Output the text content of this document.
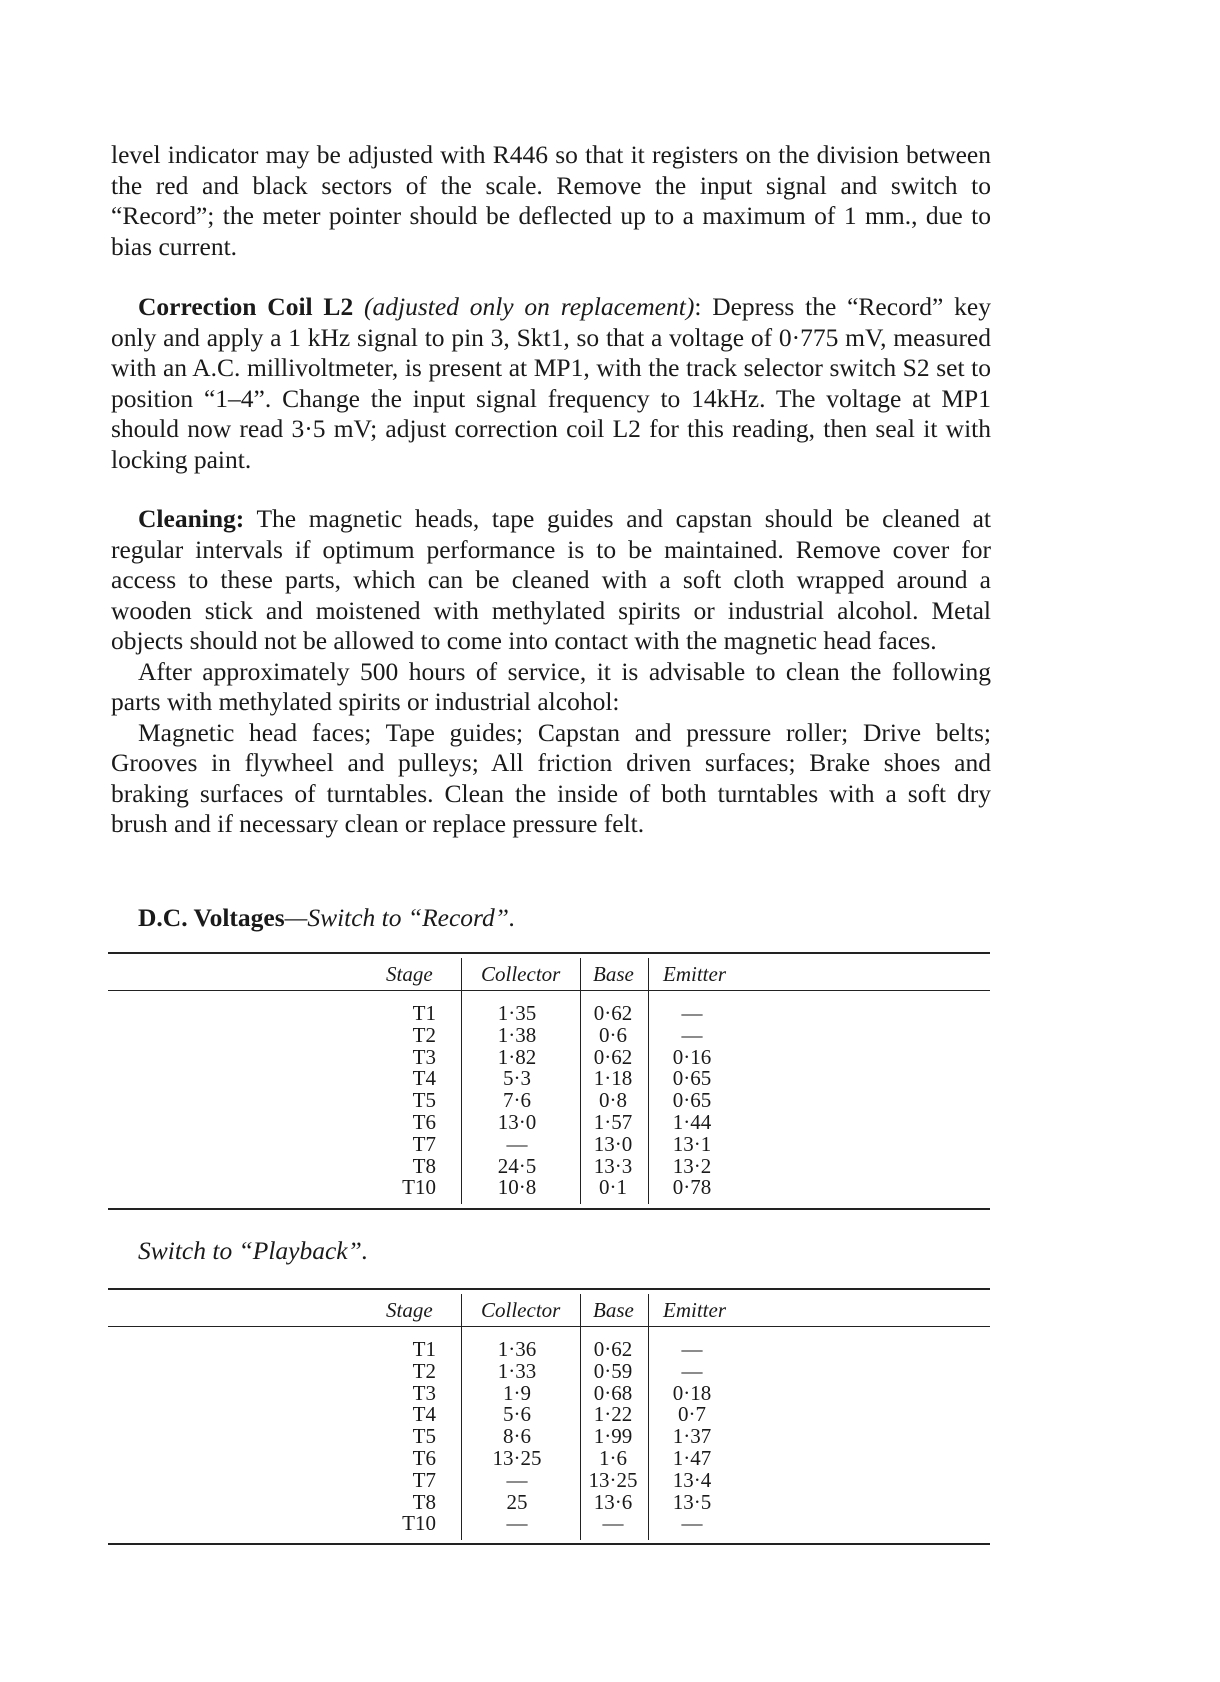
level indicator may be adjusted with R446 so that it registers on the division between the red and black sectors of the scale. Remove the input signal and switch to “Record”; the meter pointer should be deflected up to a maximum of 1 mm., due to bias current.

Correction Coil L2 (adjusted only on replacement): Depress the “Record” key only and apply a 1 kHz signal to pin 3, Skt1, so that a voltage of 0·775 mV, measured with an A.C. millivoltmeter, is present at MP1, with the track selector switch S2 set to position “1–4”. Change the input signal frequency to 14kHz. The voltage at MP1 should now read 3·5 mV; adjust correction coil L2 for this reading, then seal it with locking paint.

Cleaning: The magnetic heads, tape guides and capstan should be cleaned at regular intervals if optimum performance is to be maintained. Remove cover for access to these parts, which can be cleaned with a soft cloth wrapped around a wooden stick and moistened with methylated spirits or industrial alcohol. Metal objects should not be allowed to come into contact with the magnetic head faces.

After approximately 500 hours of service, it is advisable to clean the following parts with methylated spirits or industrial alcohol:

Magnetic head faces; Tape guides; Capstan and pressure roller; Drive belts; Grooves in flywheel and pulleys; All friction driven surfaces; Brake shoes and braking surfaces of turntables. Clean the inside of both turntables with a soft dry brush and if necessary clean or replace pressure felt.

D.C. Voltages—Switch to “Record”.
Stage Collector Base Emitter
T1
T2
T3
T4
T5
T6
T7
T8
T10
1·35
1·38
1·82
5·3
7·6
13·0
—
24·5
10·8
0·62
0·6
0·62
1·18
0·8
1·57
13·0
13·3
0·1
—
—
0·16
0·65
0·65
1·44
13·1
13·2
0·78
Switch to “Playback”.
Stage Collector Base Emitter
T1
T2
T3
T4
T5
T6
T7
T8
T10
1·36
1·33
1·9
5·6
8·6
13·25
—
25
—
0·62
0·59
0·68
1·22
1·99
1·6
13·25
13·6
—
—
—
0·18
0·7
1·37
1·47
13·4
13·5
—
